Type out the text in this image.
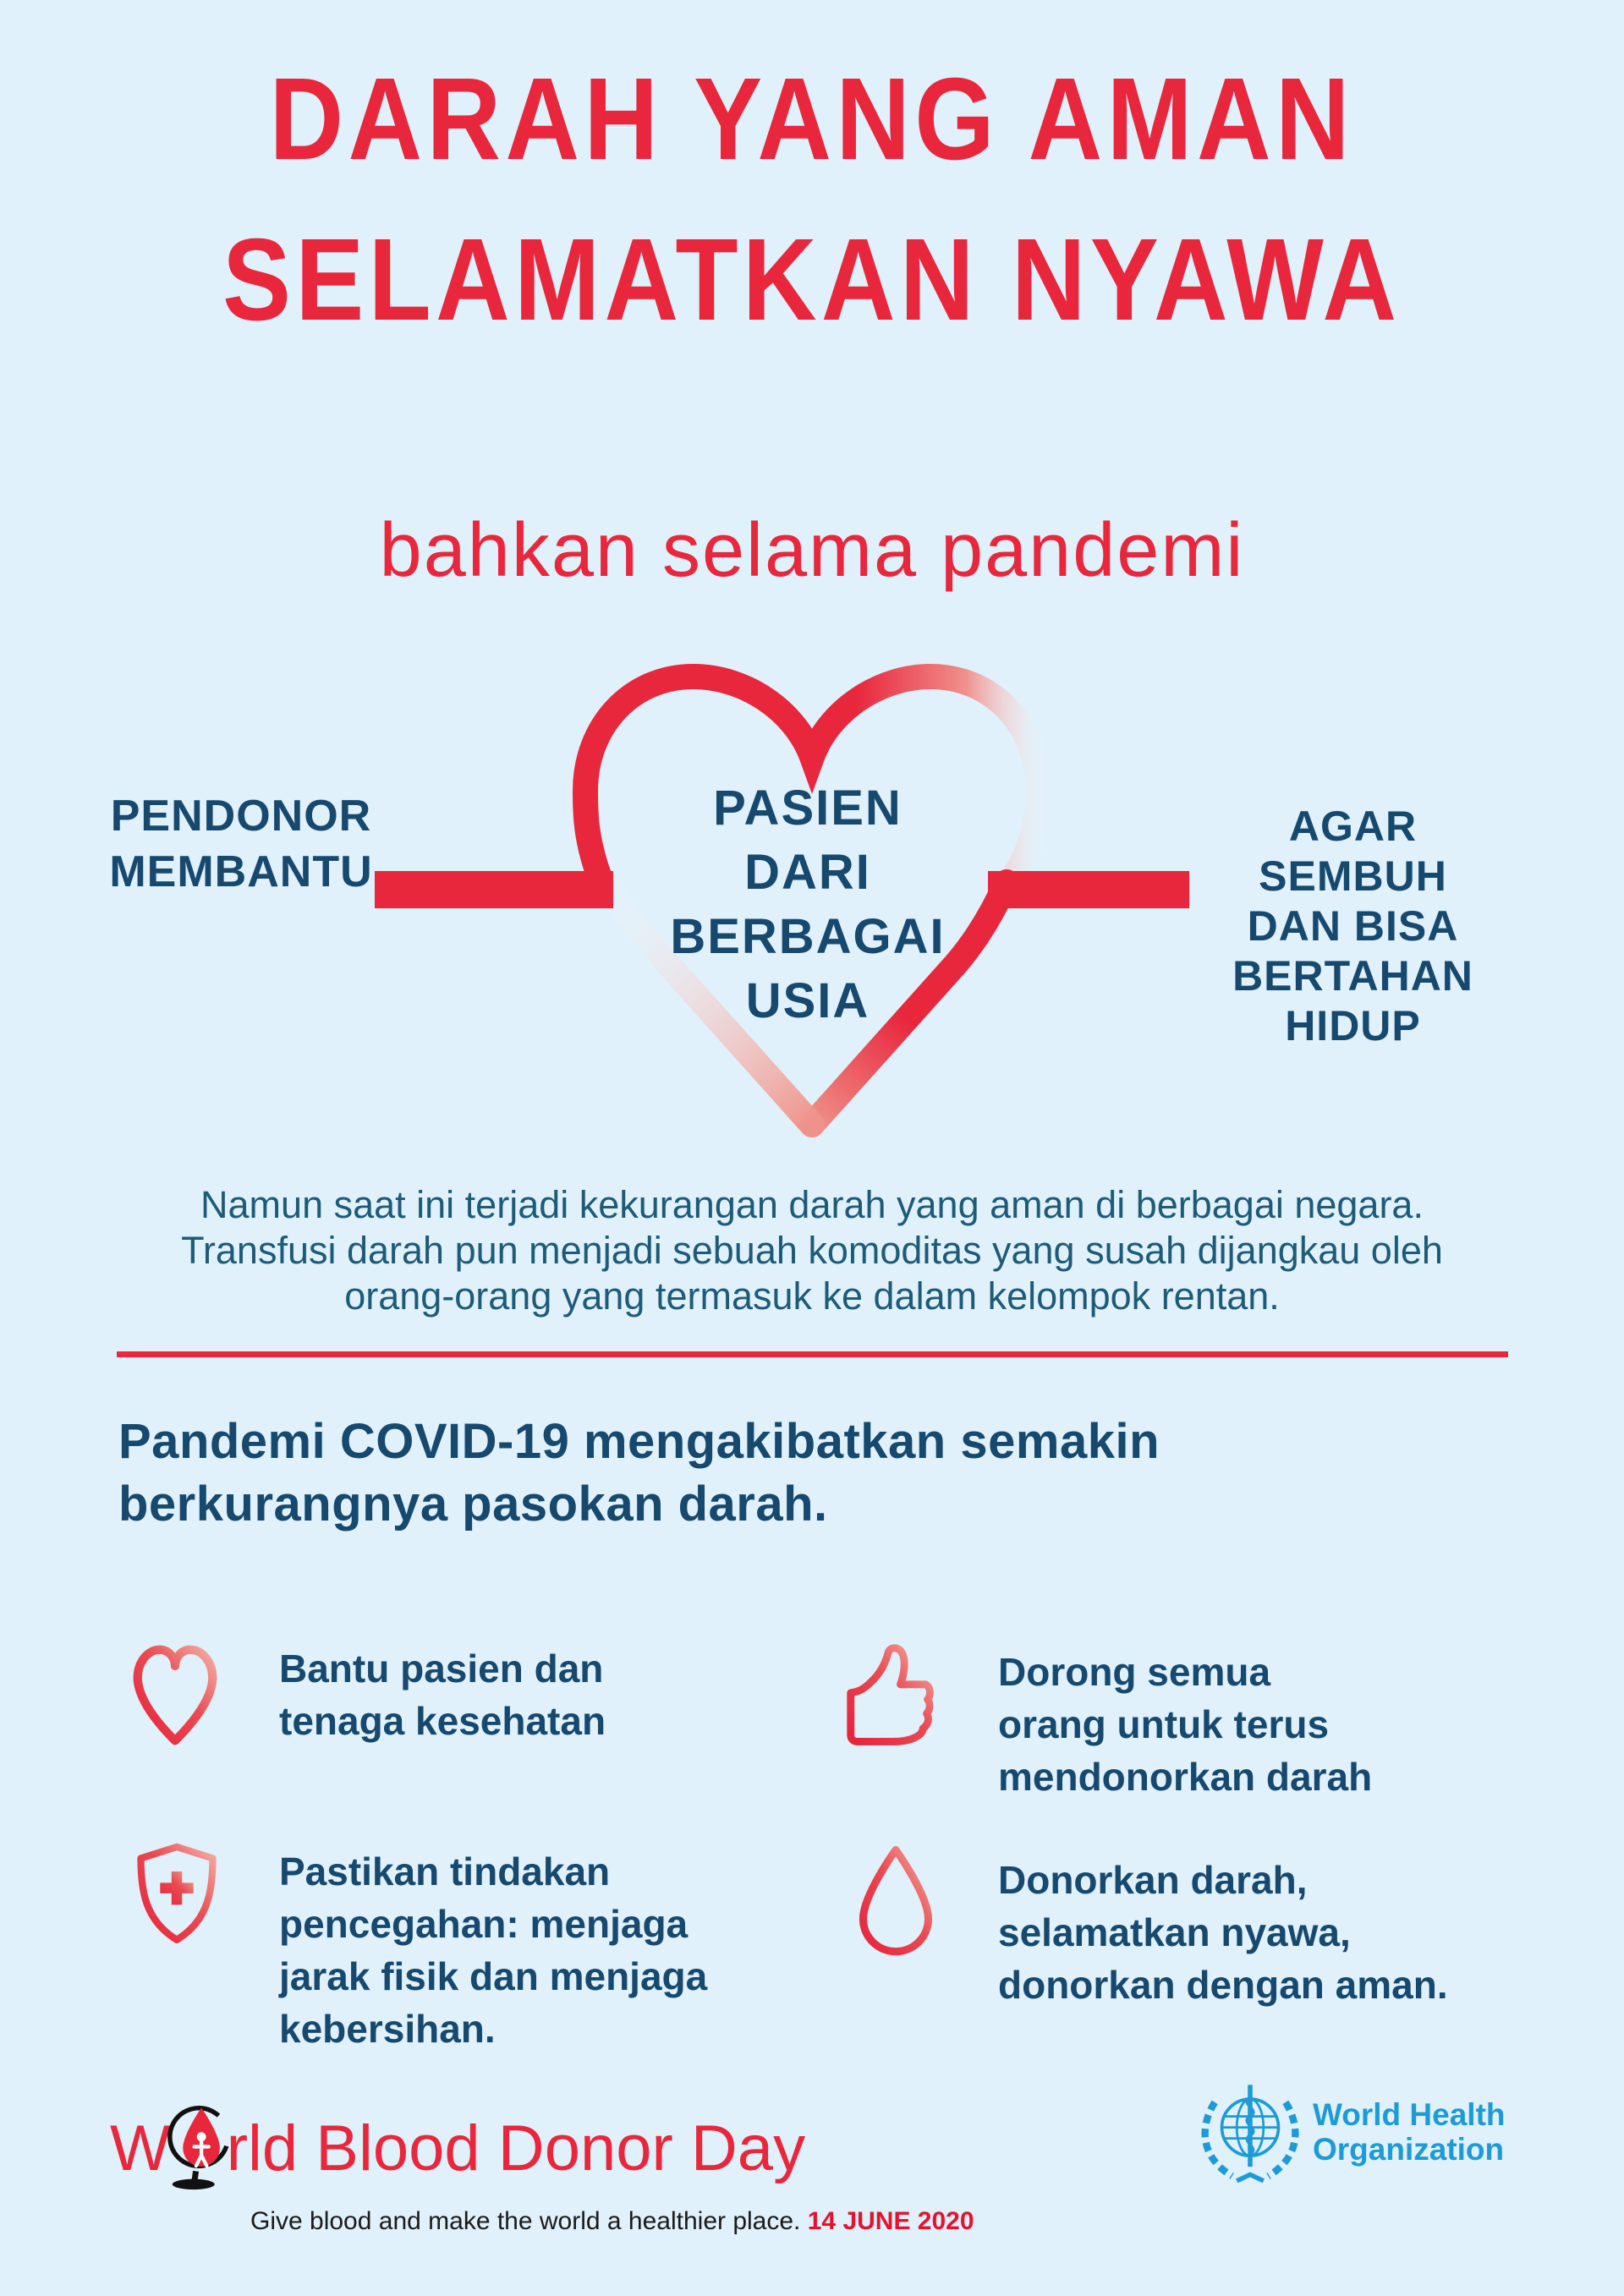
DARAH YANG AMAN
SELAMATKAN NYAWA
bahkan selama pandemi
PENDONOR
MEMBANTU
PASIEN
DARI
BERBAGAI
USIA
AGAR
SEMBUH
DAN BISA
BERTAHAN
HIDUP
Namun saat ini terjadi kekurangan darah yang aman di berbagai negara.
Transfusi darah pun menjadi sebuah komoditas yang susah dijangkau oleh
orang-orang yang termasuk ke dalam kelompok rentan.
Pandemi COVID-19 mengakibatkan semakin
berkurangnya pasokan darah.
Bantu pasien dan
tenaga kesehatan
Dorong semua
orang untuk terus
mendonorkan darah
Pastikan tindakan
pencegahan: menjaga
jarak fisik dan menjaga
kebersihan.
Donorkan darah,
selamatkan nyawa,
donorkan dengan aman.
W rld Blood Donor Day
Give blood and make the world a healthier place. 14 JUNE 2020
World Health
Organization
